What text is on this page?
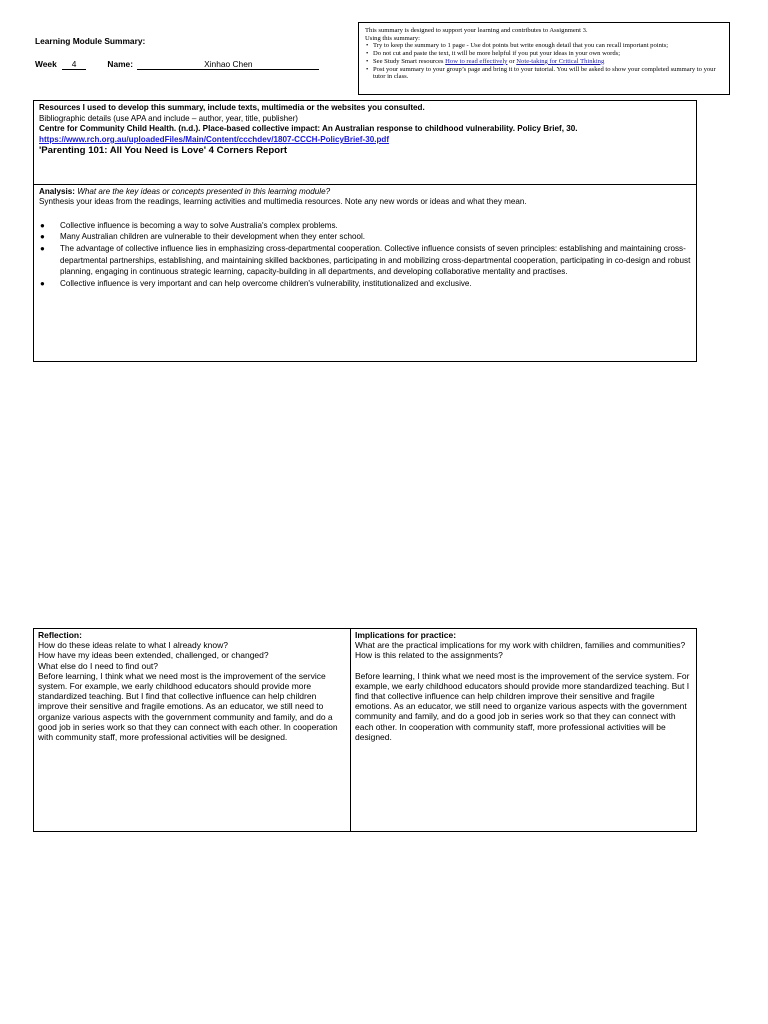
Learning Module Summary:
Week 4	Name:	Xinhao Chen
This summary is designed to support your learning and contributes to Assignment 3.
Using this summary:
• Try to keep the summary to 1 page - Use dot points but write enough detail that you can recall important points;
• Do not cut and paste the text, it will be more helpful if you put your ideas in your own words;
• See Study Smart resources How to read effectively or Note-taking for Critical Thinking
• Post your summary to your group’s page and bring it to your tutorial. You will be asked to show your completed summary to your tutor in class.
Resources I used to develop this summary, include texts, multimedia or the websites you consulted.
Bibliographic details (use APA and include – author, year, title, publisher)
Centre for Community Child Health. (n.d.). Place-based collective impact: An Australian response to childhood vulnerability. Policy Brief, 30.
https://www.rch.org.au/uploadedFiles/Main/Content/ccchdev/1807-CCCH-PolicyBrief-30.pdf
'Parenting 101: All You Need is Love' 4 Corners Report
Analysis: What are the key ideas or concepts presented in this learning module?
Synthesis your ideas from the readings, learning activities and multimedia resources. Note any new words or ideas and what they mean.
● Collective influence is becoming a way to solve Australia's complex problems.
● Many Australian children are vulnerable to their development when they enter school.
● The advantage of collective influence lies in emphasizing cross-departmental cooperation. Collective influence consists of seven principles: establishing and maintaining cross-departmental partnerships, establishing, and maintaining skilled backbones, participating in and mobilizing cross-departmental cooperation, participating in co-design and robust planning, engaging in continuous strategic learning, capacity-building in all departments, and developing collaborative mentality and practises.
● Collective influence is very important and can help overcome children's vulnerability, institutionalized and exclusive.
Reflection:
How do these ideas relate to what I already know?
How have my ideas been extended, challenged, or changed?
What else do I need to find out?
Before learning, I think what we need most is the improvement of the service system. For example, we early childhood educators should provide more standardized teaching. But I find that collective influence can help children improve their sensitive and fragile emotions. As an educator, we still need to organize various aspects with the government community and family, and do a good job in series work so that they can connect with each other. In cooperation with community staff, more professional activities will be designed.
Implications for practice:
What are the practical implications for my work with children, families and communities? How is this related to the assignments?
Before learning, I think what we need most is the improvement of the service system. For example, we early childhood educators should provide more standardized teaching. But I find that collective influence can help children improve their sensitive and fragile emotions. As an educator, we still need to organize various aspects with the government community and family, and do a good job in series work so that they can connect with each other. In cooperation with community staff, more professional activities will be designed.
